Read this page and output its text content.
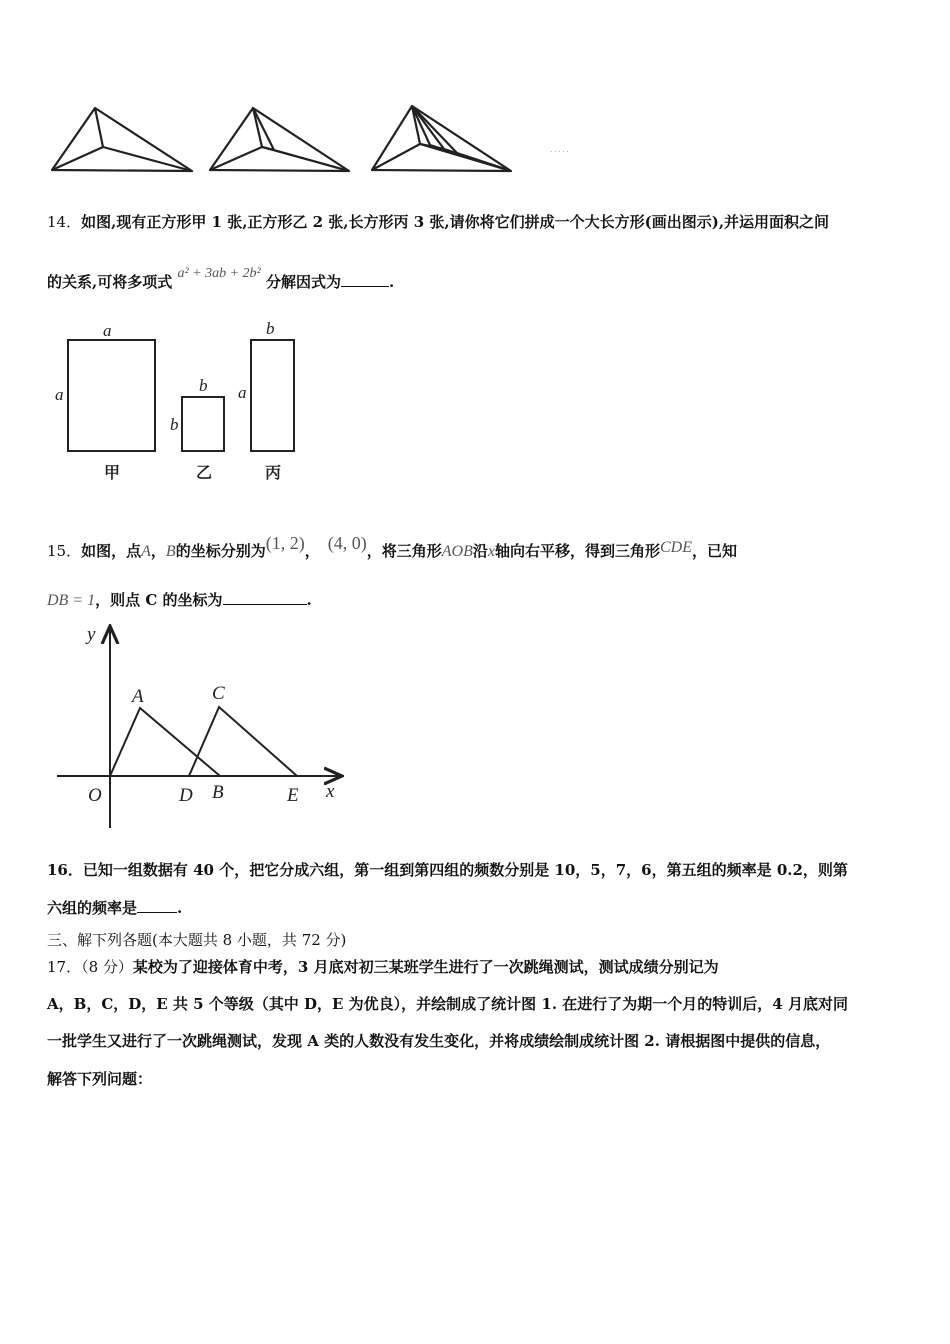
· · · · ·
14．如图,现有正方形甲 1 张,正方形乙 2 张,长方形丙 3 张,请你将它们拼成一个大长方形(画出图示),并运用面积之间
的关系,可将多项式 a² + 3ab + 2b² 分解因式为	.
a
a	b
b
b
a
甲	乙	丙
15．如图，点A，B的坐标分别为(1, 2)， (4, 0)，将三角形AOB沿x轴向右平移，得到三角形CDE，已知
DB = 1，则点 C 的坐标为	.
y
x
O
A	C
D B	E
16．已知一组数据有 40 个，把它分成六组，第一组到第四组的频数分别是 10，5，7，6，第五组的频率是 0.2，则第
六组的频率是	.
三、解下列各题(本大题共 8 小题，共 72 分)
17．（8 分）某校为了迎接体育中考，3 月底对初三某班学生进行了一次跳绳测试，测试成绩分别记为
A，B，C，D，E 共 5 个等级（其中 D，E 为优良），并绘制成了统计图 1. 在进行了为期一个月的特训后，4 月底对同
一批学生又进行了一次跳绳测试，发现 A 类的人数没有发生变化，并将成绩绘制成统计图 2. 请根据图中提供的信息，
解答下列问题：
